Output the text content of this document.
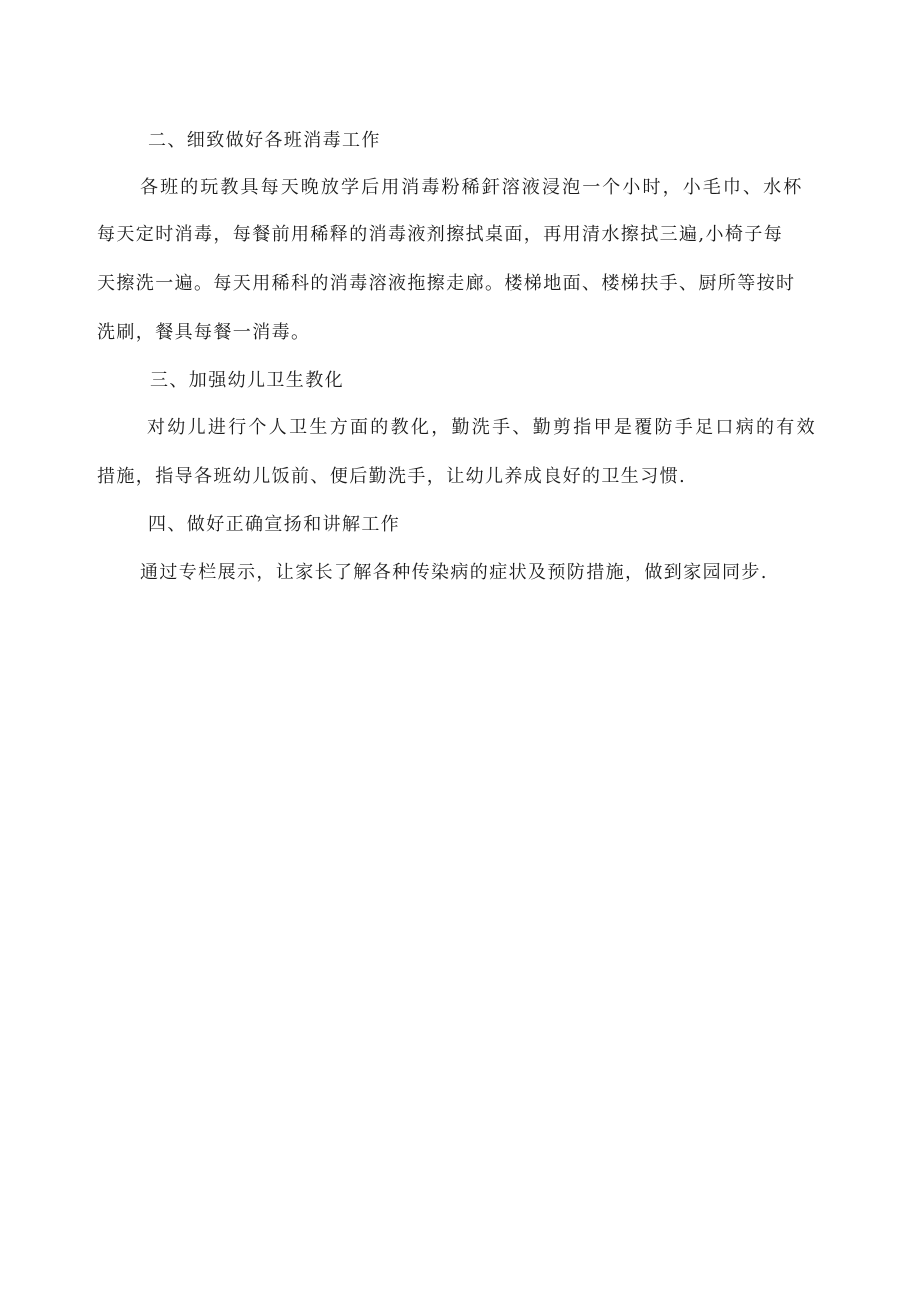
二、细致做好各班消毒工作
各班的玩教具每天晚放学后用消毒粉稀釬溶液浸泡一个小时，小毛巾、水杯
每天定时消毒，每餐前用稀释的消毒液剂擦拭桌面，再用清水擦拭三遍,小椅子每
天擦洗一遍。每天用稀科的消毒溶液拖擦走廊。楼梯地面、楼梯扶手、厨所等按时
洗刷，餐具每餐一消毒。
三、加强幼儿卫生教化
对幼儿进行个人卫生方面的教化，勤洗手、勤剪指甲是覆防手足口病的有效
措施，指导各班幼儿饭前、便后勤洗手，让幼儿养成良好的卫生习惯.
四、做好正确宣扬和讲解工作
通过专栏展示，让家长了解各种传染病的症状及预防措施，做到家园同步.
